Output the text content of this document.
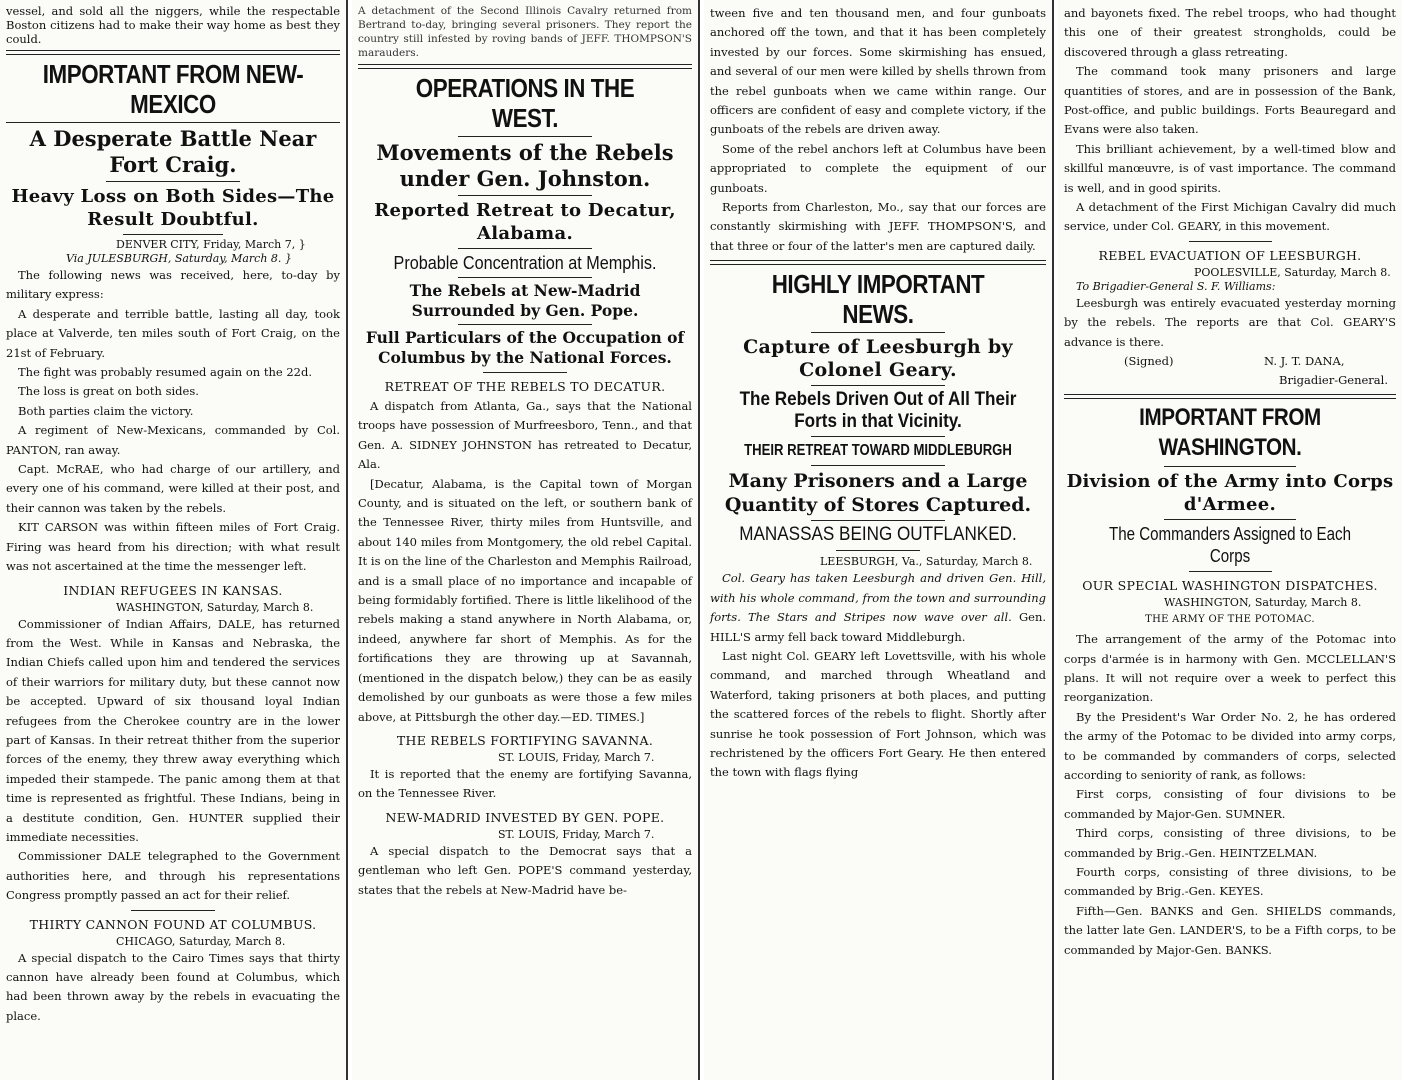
vessel, and sold all the niggers, while the respectable Boston citizens had to make their way home as best they could.

IMPORTANT FROM NEW-MEXICO
A Desperate Battle Near Fort Craig.
Heavy Loss on Both Sides—The Result Doubtful.

DENVER CITY, Friday, March 7, }

Via JULESBURGH, Saturday, March 8. }

The following news was received, here, to-day by military express:

A desperate and terrible battle, lasting all day, took place at Valverde, ten miles south of Fort Craig, on the 21st of February.

The fight was probably resumed again on the 22d.

The loss is great on both sides.

Both parties claim the victory.

A regiment of New-Mexicans, commanded by Col. PANTON, ran away.

Capt. McRAE, who had charge of our artillery, and every one of his command, were killed at their post, and their cannon was taken by the rebels.

KIT CARSON was within fifteen miles of Fort Craig. Firing was heard from his direction; with what result was not ascertained at the time the messenger left.

INDIAN REFUGEES IN KANSAS.

WASHINGTON, Saturday, March 8.

Commissioner of Indian Affairs, DALE, has returned from the West. While in Kansas and Nebraska, the Indian Chiefs called upon him and tendered the services of their warriors for military duty, but these cannot now be accepted. Upward of six thousand loyal Indian refugees from the Cherokee country are in the lower part of Kansas. In their retreat thither from the superior forces of the enemy, they threw away everything which impeded their stampede. The panic among them at that time is represented as frightful. These Indians, being in a destitute condition, Gen. HUNTER supplied their immediate necessities.

Commissioner DALE telegraphed to the Government authorities here, and through his representations Congress promptly passed an act for their relief.

THIRTY CANNON FOUND AT COLUMBUS.

CHICAGO, Saturday, March 8.

A special dispatch to the Cairo Times says that thirty cannon have already been found at Columbus, which had been thrown away by the rebels in evacuating the place.

A detachment of the Second Illinois Cavalry returned from Bertrand to-day, bringing several prisoners. They report the country still infested by roving bands of JEFF. THOMPSON'S marauders.

OPERATIONS IN THE WEST.
Movements of the Rebels under Gen. Johnston.
Reported Retreat to Decatur, Alabama.
Probable Concentration at Memphis.
The Rebels at New-Madrid Surrounded by Gen. Pope.
Full Particulars of the Occupation of Columbus by the National Forces.
RETREAT OF THE REBELS TO DECATUR.

A dispatch from Atlanta, Ga., says that the National troops have possession of Murfreesboro, Tenn., and that Gen. A. SIDNEY JOHNSTON has retreated to Decatur, Ala.

[Decatur, Alabama, is the Capital town of Morgan County, and is situated on the left, or southern bank of the Tennessee River, thirty miles from Huntsville, and about 140 miles from Montgomery, the old rebel Capital. It is on the line of the Charleston and Memphis Railroad, and is a small place of no importance and incapable of being formidably fortified. There is little likelihood of the rebels making a stand anywhere in North Alabama, or, indeed, anywhere far short of Memphis. As for the fortifications they are throwing up at Savannah, (mentioned in the dispatch below,) they can be as easily demolished by our gunboats as were those a few miles above, at Pittsburgh the other day.—ED. TIMES.]

THE REBELS FORTIFYING SAVANNA.

ST. LOUIS, Friday, March 7.

It is reported that the enemy are fortifying Savanna, on the Tennessee River.

NEW-MADRID INVESTED BY GEN. POPE.

ST. LOUIS, Friday, March 7.

A special dispatch to the Democrat says that a gentleman who left Gen. POPE'S command yesterday, states that the rebels at New-Madrid have be-

tween five and ten thousand men, and four gunboats anchored off the town, and that it has been completely invested by our forces. Some skirmishing has ensued, and several of our men were killed by shells thrown from the rebel gunboats when we came within range. Our officers are confident of easy and complete victory, if the gunboats of the rebels are driven away.

Some of the rebel anchors left at Columbus have been appropriated to complete the equipment of our gunboats.

Reports from Charleston, Mo., say that our forces are constantly skirmishing with JEFF. THOMPSON'S, and that three or four of the latter's men are captured daily.

HIGHLY IMPORTANT NEWS.
Capture of Leesburgh by Colonel Geary.
The Rebels Driven Out of All Their Forts in that Vicinity.
THEIR RETREAT TOWARD MIDDLEBURGH
Many Prisoners and a Large Quantity of Stores Captured.
MANASSAS BEING OUTFLANKED.

LEESBURGH, Va., Saturday, March 8.

Col. Geary has taken Leesburgh and driven Gen. Hill, with his whole command, from the town and surrounding forts. The Stars and Stripes now wave over all. Gen. HILL'S army fell back toward Middleburgh.

Last night Col. GEARY left Lovettsville, with his whole command, and marched through Wheatland and Waterford, taking prisoners at both places, and putting the scattered forces of the rebels to flight. Shortly after sunrise he took possession of Fort Johnson, which was rechristened by the officers Fort Geary. He then entered the town with flags flying

and bayonets fixed. The rebel troops, who had thought this one of their greatest strongholds, could be discovered through a glass retreating.

The command took many prisoners and large quantities of stores, and are in possession of the Bank, Post-office, and public buildings. Forts Beauregard and Evans were also taken.

This brilliant achievement, by a well-timed blow and skillful manœuvre, is of vast importance. The command is well, and in good spirits.

A detachment of the First Michigan Cavalry did much service, under Col. GEARY, in this movement.

REBEL EVACUATION OF LEESBURGH.

POOLESVILLE, Saturday, March 8.

To Brigadier-General S. F. Williams:

Leesburgh was entirely evacuated yesterday morning by the rebels. The reports are that Col. GEARY'S advance is there.

(Signed)	N. J. T. DANA,

Brigadier-General.

IMPORTANT FROM WASHINGTON.
Division of the Army into Corps d'Armee.
The Commanders Assigned to Each Corps
OUR SPECIAL WASHINGTON DISPATCHES.

WASHINGTON, Saturday, March 8.

THE ARMY OF THE POTOMAC.

The arrangement of the army of the Potomac into corps d'armée is in harmony with Gen. MCCLELLAN'S plans. It will not require over a week to perfect this reorganization.

By the President's War Order No. 2, he has ordered the army of the Potomac to be divided into army corps, to be commanded by commanders of corps, selected according to seniority of rank, as follows:

First corps, consisting of four divisions to be commanded by Major-Gen. SUMNER.

Third corps, consisting of three divisions, to be commanded by Brig.-Gen. HEINTZELMAN.

Fourth corps, consisting of three divisions, to be commanded by Brig.-Gen. KEYES.

Fifth—Gen. BANKS and Gen. SHIELDS commands, the latter late Gen. LANDER'S, to be a Fifth corps, to be commanded by Major-Gen. BANKS.
